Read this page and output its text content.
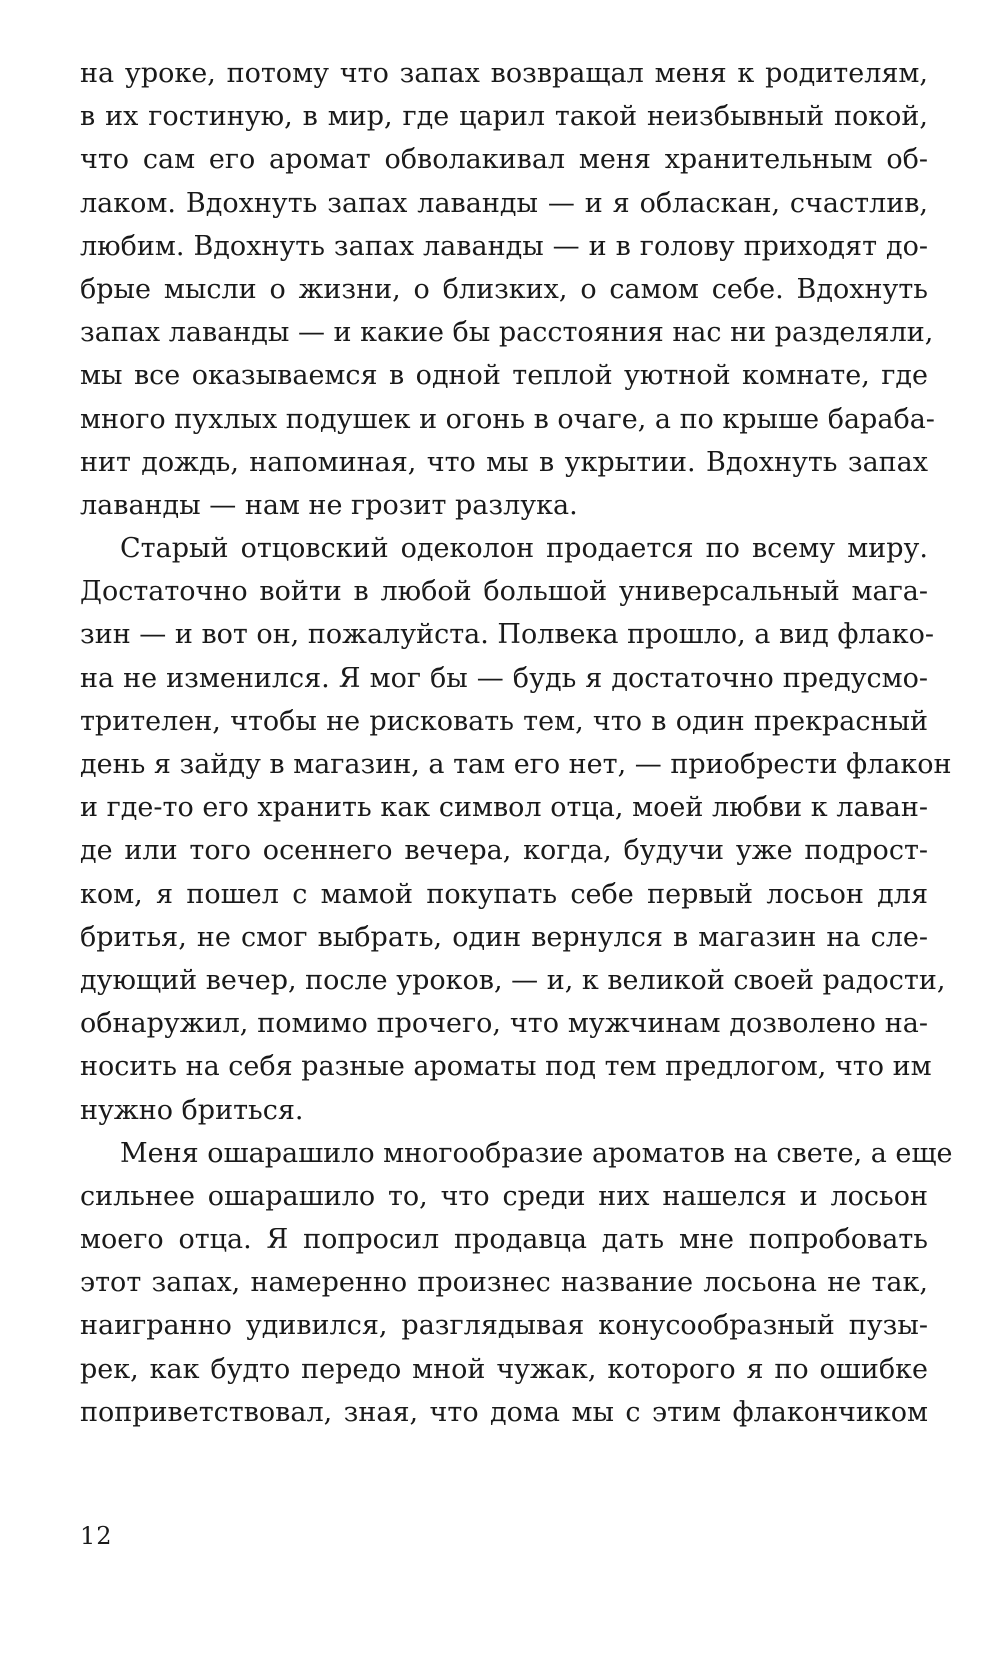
на уроке, потому что запах возвращал меня к родителям,
в их гостиную, в мир, где царил такой неизбывный покой,
что сам его аромат обволакивал меня хранительным об-
лаком. Вдохнуть запах лаванды — и я обласкан, счастлив,
любим. Вдохнуть запах лаванды — и в голову приходят до-
брые мысли о жизни, о близких, о самом себе. Вдохнуть
запах лаванды — и какие бы расстояния нас ни разделяли,
мы все оказываемся в одной теплой уютной комнате, где
много пухлых подушек и огонь в очаге, а по крыше бараба-
нит дождь, напоминая, что мы в укрытии. Вдохнуть запах
лаванды — нам не грозит разлука.
Старый отцовский одеколон продается по всему миру.
Достаточно войти в любой большой универсальный мага-
зин — и вот он, пожалуйста. Полвека прошло, а вид флако-
на не изменился. Я мог бы — будь я достаточно предусмо-
трителен, чтобы не рисковать тем, что в один прекрасный
день я зайду в магазин, а там его нет, — приобрести флакон
и где-то его хранить как символ отца, моей любви к лаван-
де или того осеннего вечера, когда, будучи уже подрост-
ком, я пошел с мамой покупать себе первый лосьон для
бритья, не смог выбрать, один вернулся в магазин на сле-
дующий вечер, после уроков, — и, к великой своей радости,
обнаружил, помимо прочего, что мужчинам дозволено на-
носить на себя разные ароматы под тем предлогом, что им
нужно бриться.
Меня ошарашило многообразие ароматов на свете, а еще
сильнее ошарашило то, что среди них нашелся и лосьон
моего отца. Я попросил продавца дать мне попробовать
этот запах, намеренно произнес название лосьона не так,
наигранно удивился, разглядывая конусообразный пузы-
рек, как будто передо мной чужак, которого я по ошибке
поприветствовал, зная, что дома мы с этим флакончиком
12
